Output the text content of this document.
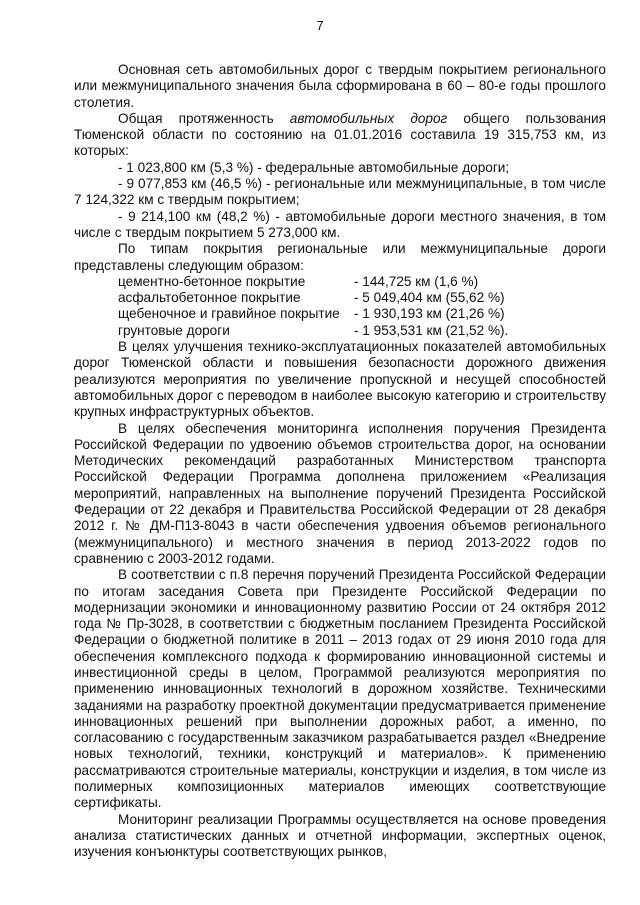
7

Основная сеть автомобильных дорог с твердым покрытием регионального или межмуниципального значения была сформирована в 60 – 80-е годы прошлого столетия.

Общая протяженность автомобильных дорог общего пользования Тюменской области по состоянию на 01.01.2016 составила 19 315,753 км, из которых:

- 1 023,800 км (5,3 %) - федеральные автомобильные дороги;

- 9 077,853 км (46,5 %) - региональные или межмуниципальные, в том числе 7 124,322 км с твердым покрытием;

- 9 214,100 км (48,2 %) - автомобильные дороги местного значения, в том числе с твердым покрытием 5 273,000 км.

По типам покрытия региональные или межмуниципальные дороги представлены следующим образом:

цементно-бетонное покрытие	- 144,725 км (1,6 %)
асфальтобетонное покрытие	- 5 049,404 км (55,62 %)
щебеночное и гравийное покрытие	- 1 930,193 км (21,26 %)
грунтовые дороги	- 1 953,531 км (21,52 %).

В целях улучшения технико-эксплуатационных показателей автомобильных дорог Тюменской области и повышения безопасности дорожного движения реализуются мероприятия по увеличение пропускной и несущей способностей автомобильных дорог с переводом в наиболее высокую категорию и строительству крупных инфраструктурных объектов.

В целях обеспечения мониторинга исполнения поручения Президента Российской Федерации по удвоению объемов строительства дорог, на основании Методических рекомендаций разработанных Министерством транспорта Российской Федерации Программа дополнена приложением «Реализация мероприятий, направленных на выполнение поручений Президента Российской Федерации от 22 декабря и Правительства Российской Федерации от 28 декабря 2012 г. № ДМ-П13-8043 в части обеспечения удвоения объемов регионального (межмуниципального) и местного значения в период 2013-2022 годов по сравнению с 2003-2012 годами.

В соответствии с п.8 перечня поручений Президента Российской Федерации по итогам заседания Совета при Президенте Российской Федерации по модернизации экономики и инновационному развитию России от 24 октября 2012 года № Пр-3028, в соответствии с бюджетным посланием Президента Российской Федерации о бюджетной политике в 2011 – 2013 годах от 29 июня 2010 года для обеспечения комплексного подхода к формированию инновационной системы и инвестиционной среды в целом, Программой реализуются мероприятия по применению инновационных технологий в дорожном хозяйстве. Техническими заданиями на разработку проектной документации предусматривается применение инновационных решений при выполнении дорожных работ, а именно, по согласованию с государственным заказчиком разрабатывается раздел «Внедрение новых технологий, техники, конструкций и материалов». К применению рассматриваются строительные материалы, конструкции и изделия, в том числе из полимерных композиционных материалов имеющих соответствующие сертификаты.

Мониторинг реализации Программы осуществляется на основе проведения анализа статистических данных и отчетной информации, экспертных оценок, изучения конъюнктуры соответствующих рынков,
